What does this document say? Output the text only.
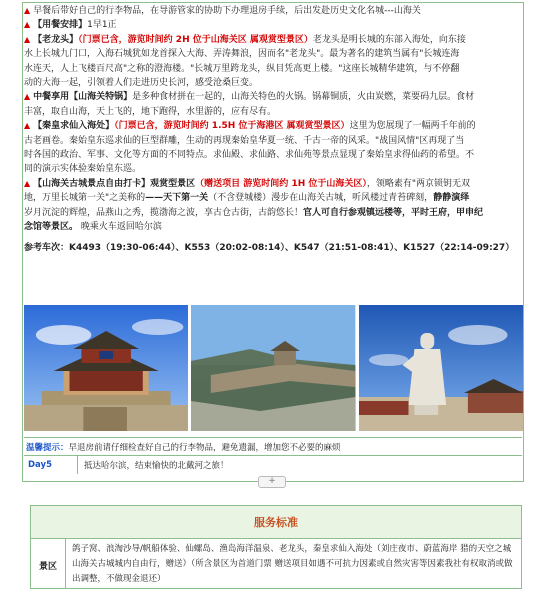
▲ 早餐后带好自己的行李物品，在导游管家的协助下办理退房手续，后出发赴历史文化名城---山海关

▲ 【用餐安排】1早1正

▲ 【老龙头】（门票已含，游览时间约 2H 位于山海关区 属观赏型景区）老龙头是明长城的东部入海处，向东接

水上长城九门口，入海石城犹如龙首探入大海、弄涛舞浪，因而名"老龙头"。最为著名的建筑当属有"长城连海

水连天，人上飞楼百尺高"之称的澄海楼。"长城万里跨龙头，纵目凭高更上楼。"这座长城精华建筑，与不停翻

动的大海一起，引领着人们走进历史长河，感受沧桑巨变。

▲ 中餐享用【山海关特锅】是多种食材拼在一起的，山海关特色的火锅。锅幕铜质，火由炭燃，菜要码九层。食材

丰富，取自山海，天上飞的，地下跑得，水里游的，应有尽有。

▲ 【秦皇求仙入海处】（门票已含，游览时间约 1.5H 位于海港区 属观赏型景区）这里为您展现了一幅两千年前的

古老画卷。秦始皇东巡求仙的巨型群雕，生动的再现秦始皇华夏一统、千古一帝的风采。"战国风情"区再现了当

时各国的政治、军事、文化等方面的不同特点。求仙殿、求仙路、求仙苑等景点显现了秦始皇求得仙药的希望。不

同的演示实体验秦始皇东巡。

▲ 【山海关古城景点自由打卡】观赏型景区（赠送项目 游览时间约 1H 位于山海关区），领略素有"两京锁钥无双

地，万里长城第一关"之美称的——天下第一关（不含登城楼）漫步在山海关古城，听风楼过青苔碑刻，静静演绎

岁月沉淀的辉煌，品燕山之秀，揽渤海之波，享古仓古街，古韵悠长！官人可自行参观镇远楼等，平时王府，甲申纪

念馆等景区。 晚乘火车返回哈尔滨

参考车次：K4493（19:30-06:44）、K553（20:02-08:14）、K547（21:51-08:41）、K1527（22:14-09:27）

温馨提示： 早退房前请仔细检查好自己的行李物品，避免遗漏，增加您不必要的麻烦
Day5	抵达哈尔滨，结束愉快的北戴河之旅！
+
服务标准
景区
鸽子窝、浪淘沙导/帆船体验、仙螺岛、渔岛海洋温泉、老龙头，秦皇求仙入海处（刘庄夜市、蔚蓝海岸 猎的天空之城 山海关古城城内自由行，赠送）（所含景区为首道门票 赠送项目如遇不可抗力因素或自然灾害等因素我社有权取消或做出调整，不做现金退还）
